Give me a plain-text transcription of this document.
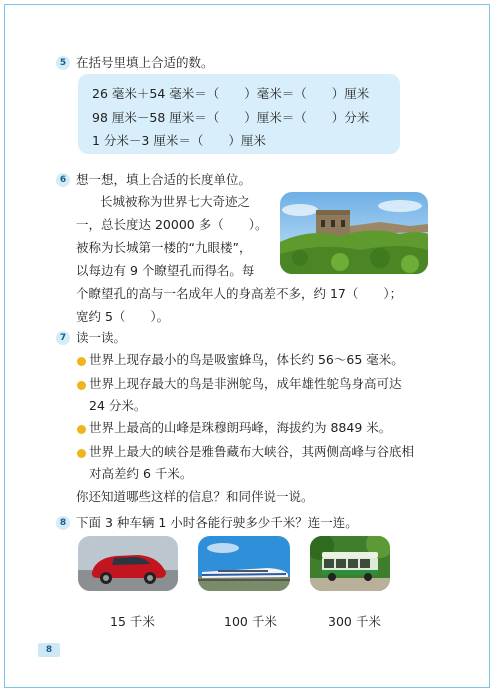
5 在括号里填上合适的数。
26 毫米＋54 毫米＝（　　）毫米＝（　　）厘米
98 厘米－58 厘米＝（　　）厘米＝（　　）分米
1 分米－3 厘米＝（　　）厘米
6 想一想，填上合适的长度单位。
长城被称为世界七大奇迹之
一，总长度达 20000 多（　　）。
被称为长城第一楼的“九眼楼”，
以每边有 9 个瞭望孔而得名。每
个瞭望孔的高与一名成年人的身高差不多，约 17（　　）；
宽约 5（　　）。
7 读一读。
世界上现存最小的鸟是吸蜜蜂鸟，体长约 56～65 毫米。
世界上现存最大的鸟是非洲鸵鸟，成年雄性鸵鸟身高可达
24 分米。
世界上最高的山峰是珠穆朗玛峰，海拔约为 8849 米。
世界上最大的峡谷是雅鲁藏布大峡谷，其两侧高峰与谷底相
对高差约 6 千米。
你还知道哪些这样的信息？和同伴说一说。
8 下面 3 种车辆 1 小时各能行驶多少千米？连一连。
15 千米	100 千米	300 千米
8
